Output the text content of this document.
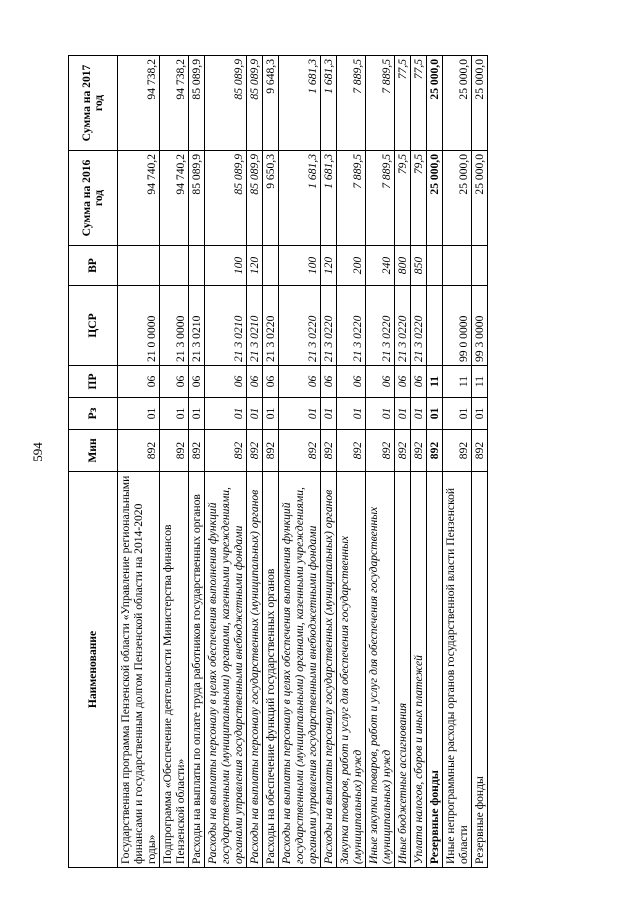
594
Наименование	Мин	Рз	ПР	ЦСР	ВР	Сумма на 2016 год	Сумма на 2017 год
Государственная программа Пензенской области «Управление региональными финансами и государственным долгом Пензенской области на 2014-2020 годы»	892	01	06	21 0 0000		94 740,2	94 738,2
Подпрограмма «Обеспечение деятельности Министерства финансов Пензенской области»	892	01	06	21 3 0000		94 740,2	94 738,2
Расходы на выплаты по оплате труда работников государственных органов	892	01	06	21 3 0210		85 089,9	85 089,9
Расходы на выплаты персоналу в целях обеспечения выполнения функций государственными (муниципальными) органами, казенными учреждениями, органами управления государственными внебюджетными фондами	892	01	06	21 3 0210	100	85 089,9	85 089,9
Расходы на выплаты персоналу государственных (муниципальных) органов	892	01	06	21 3 0210	120	85 089,9	85 089,9
Расходы на обеспечение функций государственных органов	892	01	06	21 3 0220		9 650,3	9 648,3
Расходы на выплаты персоналу в целях обеспечения выполнения функций государственными (муниципальными) органами, казенными учреждениями, органами управления государственными внебюджетными фондами	892	01	06	21 3 0220	100	1 681,3	1 681,3
Расходы на выплаты персоналу государственных (муниципальных) органов	892	01	06	21 3 0220	120	1 681,3	1 681,3
Закупка товаров, работ и услуг для обеспечения государственных (муниципальных) нужд	892	01	06	21 3 0220	200	7 889,5	7 889,5
Иные закупки товаров, работ и услуг для обеспечения государственных (муниципальных) нужд	892	01	06	21 3 0220	240	7 889,5	7 889,5
Иные бюджетные ассигнования	892	01	06	21 3 0220	800	79,5	77,5
Уплата налогов, сборов и иных платежей	892	01	06	21 3 0220	850	79,5	77,5
Резервные фонды	892	01	11			25 000,0	25 000,0
Иные непрограммные расходы органов государственной власти Пензенской области	892	01	11	99 0 0000		25 000,0	25 000,0
Резервные фонды	892	01	11	99 3 0000		25 000,0	25 000,0
